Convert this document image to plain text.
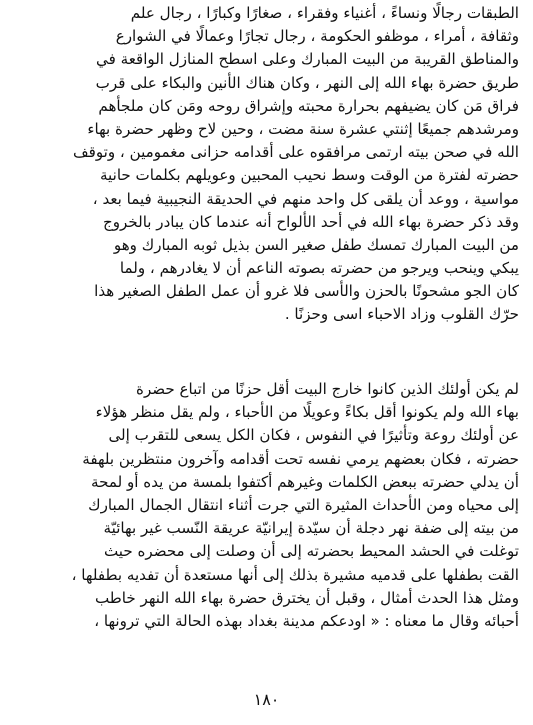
الطبقات رجالًا ونساءً ، أغنياء وفقراء ، صغارًا وكبارًا ، رجال علم
وثقافة ، أمراء ، موظفو الحكومة ، رجال تجارًا وعمالًا في الشوارع
والمناطق القريبة من البيت المبارك وعلى اسطح المنازل الواقعة في
طريق حضرة بهاء الله إلى النهر ، وكان هناك الأنين والبكاء على قرب
فراق مَن كان يضيفهم بحرارة محبته وإشراق روحه ومَن كان ملجأهم
ومرشدهم جميعًا إثنتي عشرة سنة مضت ، وحين لاح وظهر حضرة بهاء
الله في صحن بيته ارتمى مرافقوه على أقدامه حزانى مغمومين ، وتوقف
حضرته لفترة من الوقت وسط نحيب المحبين وعويلهم بكلمات حانية
مواسية ، ووعد أن يلقى كل واحد منهم في الحديقة النجيبية فيما بعد ،
وقد ذكر حضرة بهاء الله في أحد الألواح أنه عندما كان يبادر بالخروج
من البيت المبارك تمسك طفل صغير السن بذيل ثوبه المبارك وهو
يبكي وينحب ويرجو من حضرته بصوته الناعم أن لا يغادرهم ، ولما
كان الجو مشحونًا بالحزن والأسى فلا غرو أن عمل الطفل الصغير هذا
حرّك القلوب وزاد الاحباء اسى وحزنًا .
لم يكن أولئك الذين كانوا خارج البيت أقل حزنًا من اتباع حضرة
بهاء الله ولم يكونوا أقل بكاءً وعويلًا من الأحباء ، ولم يقل منظر هؤلاء
عن أولئك روعة وتأثيرًا في النفوس ، فكان الكل يسعى للتقرب إلى
حضرته ، فكان بعضهم يرمي نفسه تحت أقدامه وآخرون منتظرين بلهفة
أن يدلي حضرته ببعض الكلمات وغيرهم أكتفوا بلمسة من يده أو لمحة
إلى محياه ومن الأحداث المثيرة التي جرت أثناء انتقال الجمال المبارك
من بيته إلى ضفة نهر دجلة أن سيّدة إيرانيّة عريقة النّسب غير بهائيّة
توغلت في الحشد المحيط بحضرته إلى أن وصلت إلى محضره حيث
القت بطفلها على قدميه مشيرة بذلك إلى أنها مستعدة أن تفديه بطفلها ،
ومثل هذا الحدث أمثال ، وقبل أن يخترق حضرة بهاء الله النهر خاطب
أحبائه وقال ما معناه : « اودعكم مدينة بغداد بهذه الحالة التي ترونها ،
١٨٠
